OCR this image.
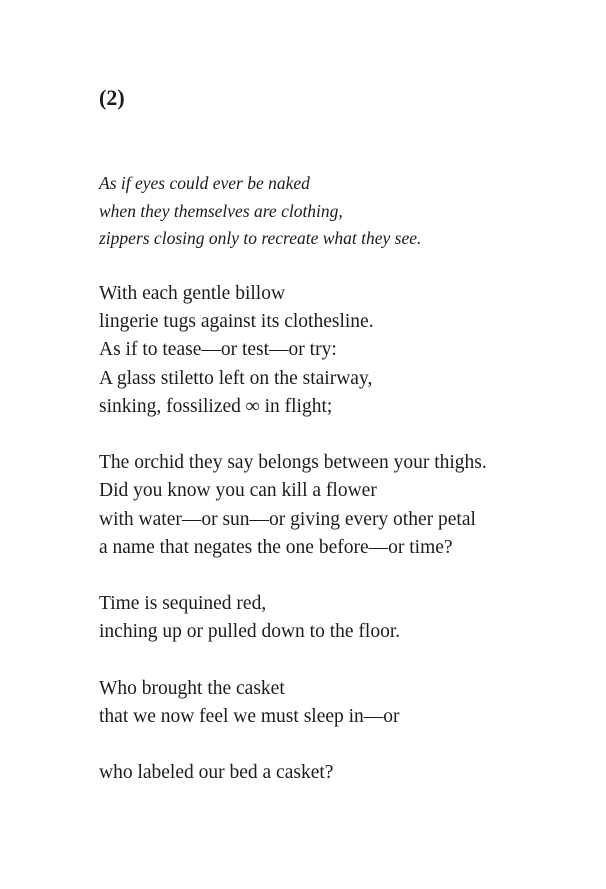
(2)

As if eyes could ever be naked
when they themselves are clothing,
zippers closing only to recreate what they see.

With each gentle billow
lingerie tugs against its clothesline.
As if to tease—or test—or try:
A glass stiletto left on the stairway,
sinking, fossilized ∞ in flight;
The orchid they say belongs between your thighs.
Did you know you can kill a flower
with water—or sun—or giving every other petal
a name that negates the one before—or time?
Time is sequined red,
inching up or pulled down to the floor.
Who brought the casket
that we now feel we must sleep in—or
who labeled our bed a casket?
